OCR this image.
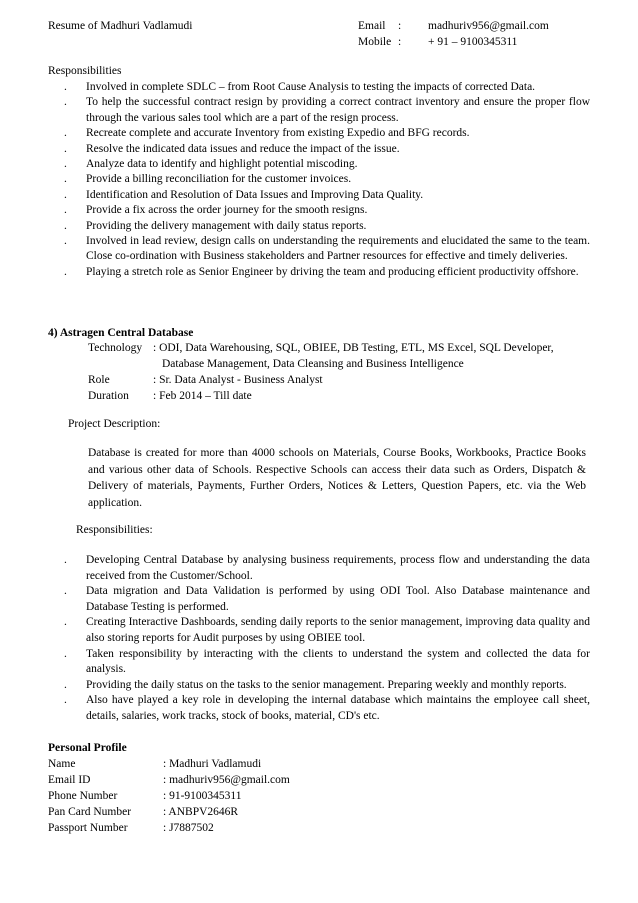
Resume of Madhuri Vadlamudi	Email : madhuriv956@gmail.com
Mobile : + 91 – 9100345311
Responsibilities
. Involved in complete SDLC – from Root Cause Analysis to testing the impacts of corrected Data.
. To help the successful contract resign by providing a correct contract inventory and ensure the proper flow through the various sales tool which are a part of the resign process.
. Recreate complete and accurate Inventory from existing Expedio and BFG records.
. Resolve the indicated data issues and reduce the impact of the issue.
. Analyze data to identify and highlight potential miscoding.
. Provide a billing reconciliation for the customer invoices.
. Identification and Resolution of Data Issues and Improving Data Quality.
. Provide a fix across the order journey for the smooth resigns.
. Providing the delivery management with daily status reports.
. Involved in lead review, design calls on understanding the requirements and elucidated the same to the team. Close co-ordination with Business stakeholders and Partner resources for effective and timely deliveries.
. Playing a stretch role as Senior Engineer by driving the team and producing efficient productivity offshore.
4) Astragen Central Database
Technology : ODI, Data Warehousing, SQL, OBIEE, DB Testing, ETL, MS Excel, SQL Developer,
Database Management, Data Cleansing and Business Intelligence
Role	: Sr. Data Analyst - Business Analyst
Duration : Feb 2014 – Till date
Project Description:
Database is created for more than 4000 schools on Materials, Course Books, Workbooks, Practice Books and various other data of Schools. Respective Schools can access their data such as Orders, Dispatch & Delivery of materials, Payments, Further Orders, Notices & Letters, Question Papers, etc. via the Web application.
Responsibilities:
. Developing Central Database by analysing business requirements, process flow and understanding the data received from the Customer/School.
. Data migration and Data Validation is performed by using ODI Tool. Also Database maintenance and Database Testing is performed.
. Creating Interactive Dashboards, sending daily reports to the senior management, improving data quality and also storing reports for Audit purposes by using OBIEE tool.
. Taken responsibility by interacting with the clients to understand the system and collected the data for analysis.
. Providing the daily status on the tasks to the senior management. Preparing weekly and monthly reports.
. Also have played a key role in developing the internal database which maintains the employee call sheet, details, salaries, work tracks, stock of books, material, CD's etc.
Personal Profile
Name	: Madhuri Vadlamudi
Email ID	: madhuriv956@gmail.com
Phone Number	: 91-9100345311
Pan Card Number	: ANBPV2646R
Passport Number	: J7887502
